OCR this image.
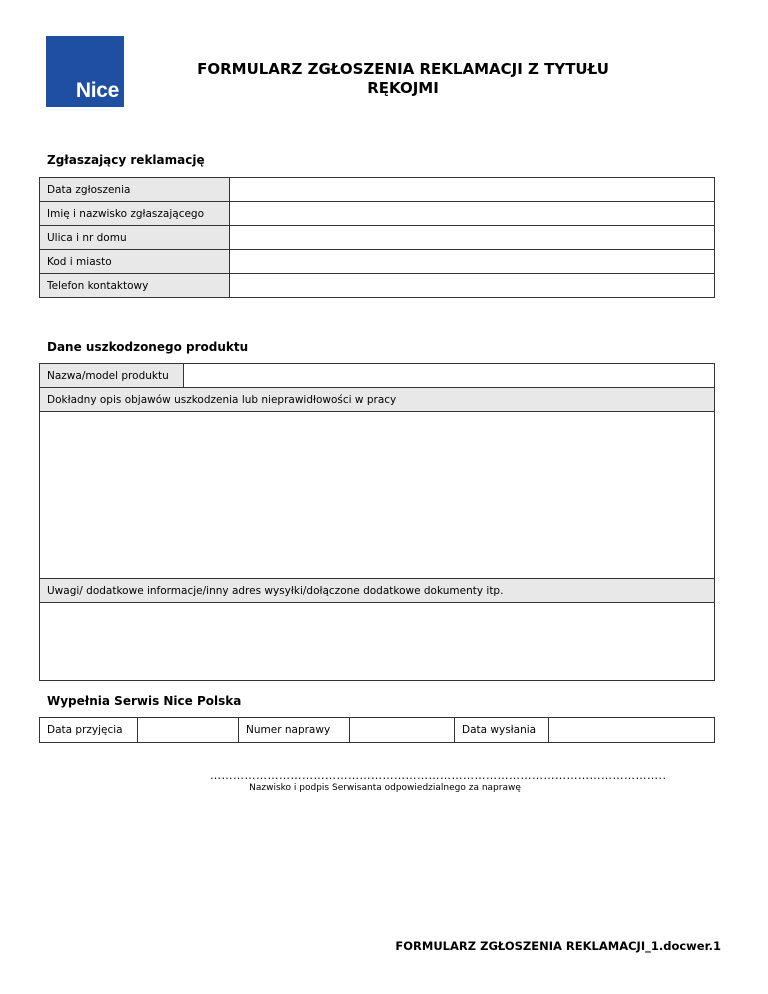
Nice
FORMULARZ ZGŁOSZENIA REKLAMACJI Z TYTUŁU
RĘKOJMI
Zgłaszający reklamację
Data zgłoszenia	
Imię i nazwisko zgłaszającego	
Ulica i nr domu	
Kod i miasto	
Telefon kontaktowy	
Dane uszkodzonego produktu
Nazwa/model produktu	
Dokładny opis objawów uszkodzenia lub nieprawidłowości w pracy

Uwagi/ dodatkowe informacje/inny adres wysyłki/dołączone dodatkowe dokumenty itp.

Wypełnia Serwis Nice Polska
Data przyjęcia		Numer naprawy		Data wysłania	
………………………………………………………………………………………………………..
Nazwisko i podpis Serwisanta odpowiedzialnego za naprawę
FORMULARZ ZGŁOSZENIA REKLAMACJI_1.docwer.1
